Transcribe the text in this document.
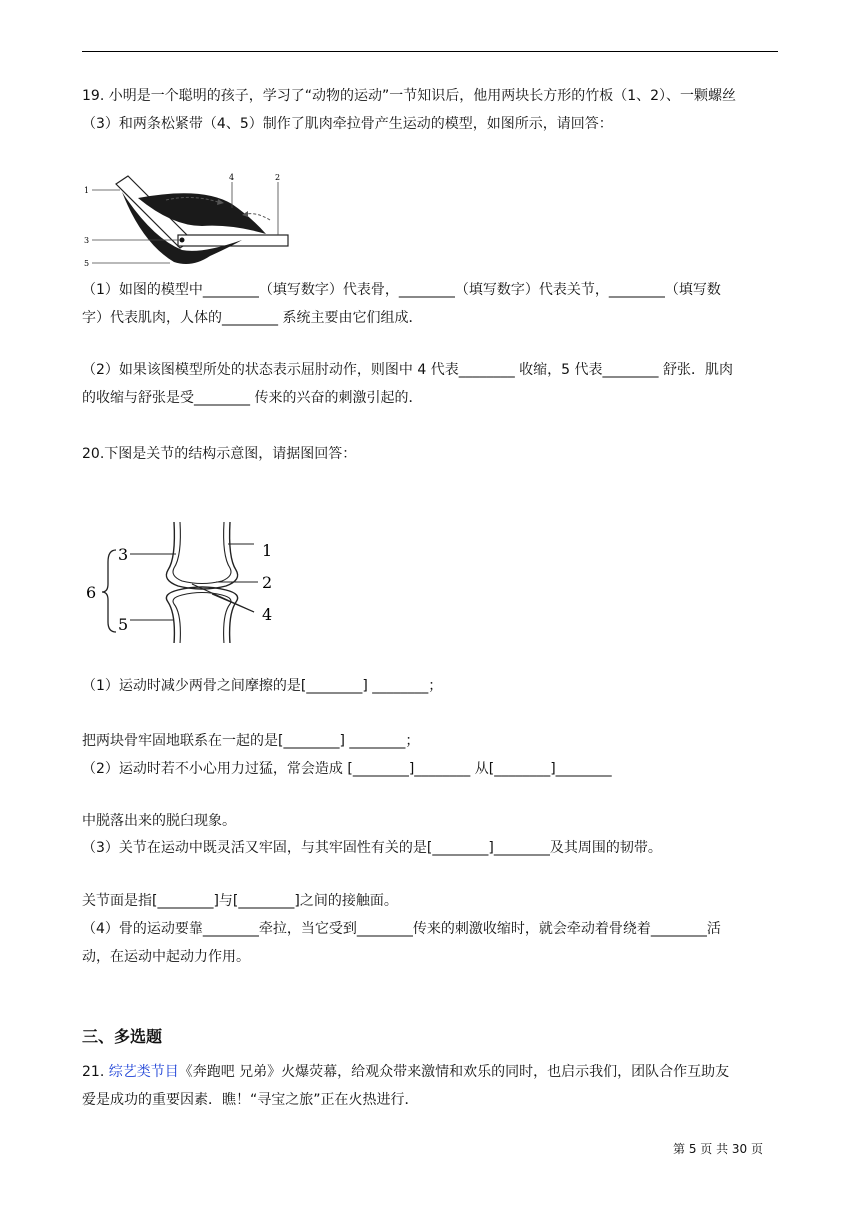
19. 小明是一个聪明的孩子，学习了“动物的运动”一节知识后，他用两块长方形的竹板（1、2）、一颗螺丝

（3）和两条松紧带（4、5）制作了肌肉牵拉骨产生运动的模型，如图所示，请回答：

1
2
3
4
5

（1）如图的模型中________（填写数字）代表骨，________（填写数字）代表关节，________（填写数

字）代表肌肉，人体的________ 系统主要由它们组成．

（2）如果该图模型所处的状态表示屈肘动作，则图中 4 代表________ 收缩，5 代表________ 舒张．肌肉

的收缩与舒张是受________ 传来的兴奋的刺激引起的．

20.下图是关节的结构示意图，请据图回答：

3	1
2
4
5
6

（1）运动时减少两骨之间摩擦的是[________] ________；

把两块骨牢固地联系在一起的是[________] ________；

（2）运动时若不小心用力过猛，常会造成 [________]________ 从[________]________

中脱落出来的脱臼现象。

（3）关节在运动中既灵活又牢固，与其牢固性有关的是[________]________及其周围的韧带。

关节面是指[________]与[________]之间的接触面。

（4）骨的运动要靠________牵拉，当它受到________传来的刺激收缩时，就会牵动着骨绕着________活

动，在运动中起动力作用。

三、多选题

21. 综艺类节目《奔跑吧 兄弟》火爆荧幕，给观众带来激情和欢乐的同时，也启示我们，团队合作互助友

爱是成功的重要因素．瞧！“寻宝之旅”正在火热进行．

第 5 页 共 30 页
